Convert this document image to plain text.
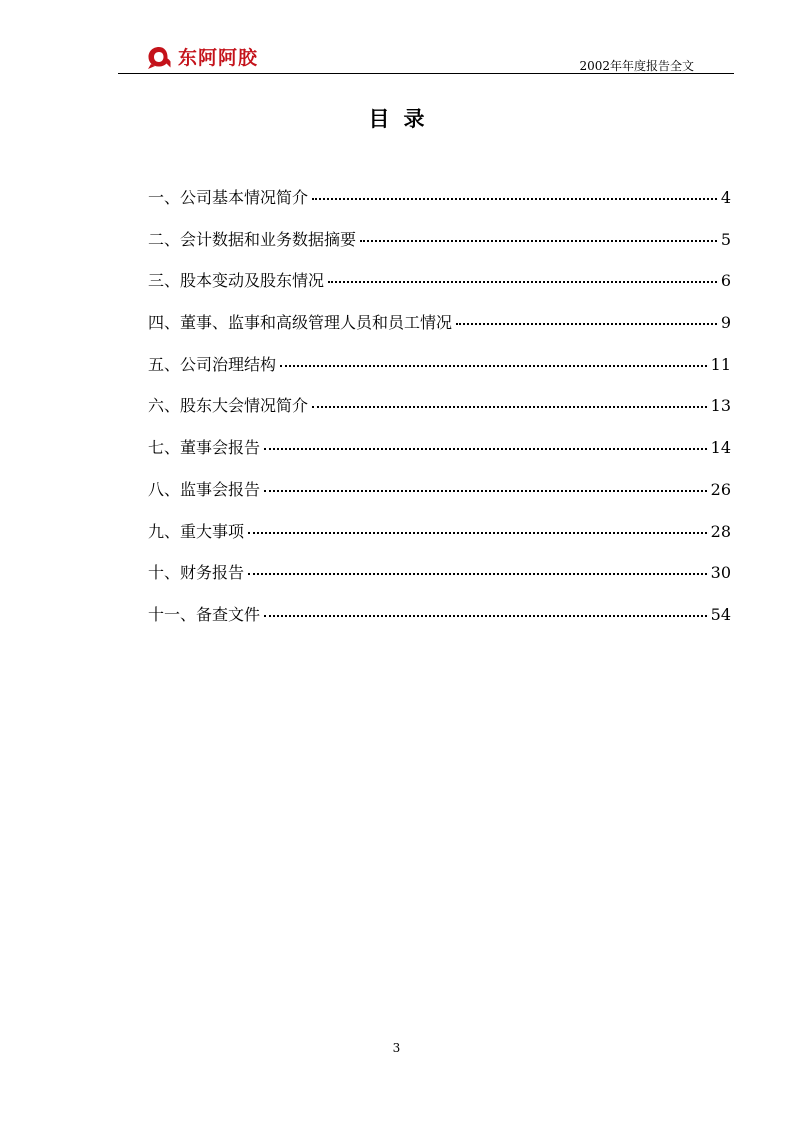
东阿阿胶	2002年年度报告全文
目录
一、公司基本情况简介	4
二、会计数据和业务数据摘要	5
三、股本变动及股东情况	6
四、董事、监事和高级管理人员和员工情况	9
五、公司治理结构	11
六、股东大会情况简介	13
七、董事会报告	14
八、监事会报告	26
九、重大事项	28
十、财务报告	30
十一、备查文件	54
3
